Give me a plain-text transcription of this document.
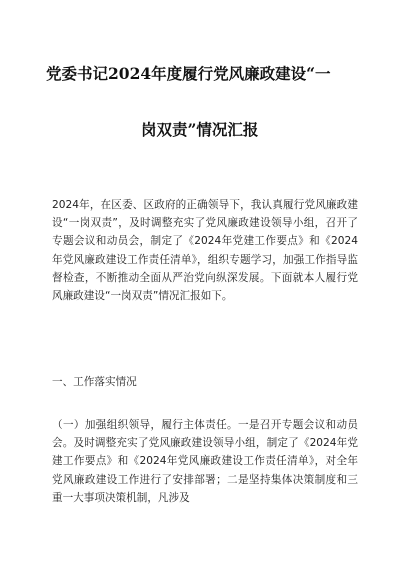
党委书记2024年度履行党风廉政建设“一
岗双责”情况汇报

2024年，在区委、区政府的正确领导下，我认真履行党风廉政建设“一岗双责”，及时调整充实了党风廉政建设领导小组，召开了专题会议和动员会，制定了《2024年党建工作要点》和《2024年党风廉政建设工作责任清单》，组织专题学习，加强工作指导监督检查，不断推动全面从严治党向纵深发展。下面就本人履行党风廉政建设“一岗双责”情况汇报如下。

一、工作落实情况

（一）加强组织领导，履行主体责任。一是召开专题会议和动员会。及时调整充实了党风廉政建设领导小组，制定了《2024年党建工作要点》和《2024年党风廉政建设工作责任清单》，对全年党风廉政建设工作进行了安排部署；二是坚持集体决策制度和三重一大事项决策机制，凡涉及
